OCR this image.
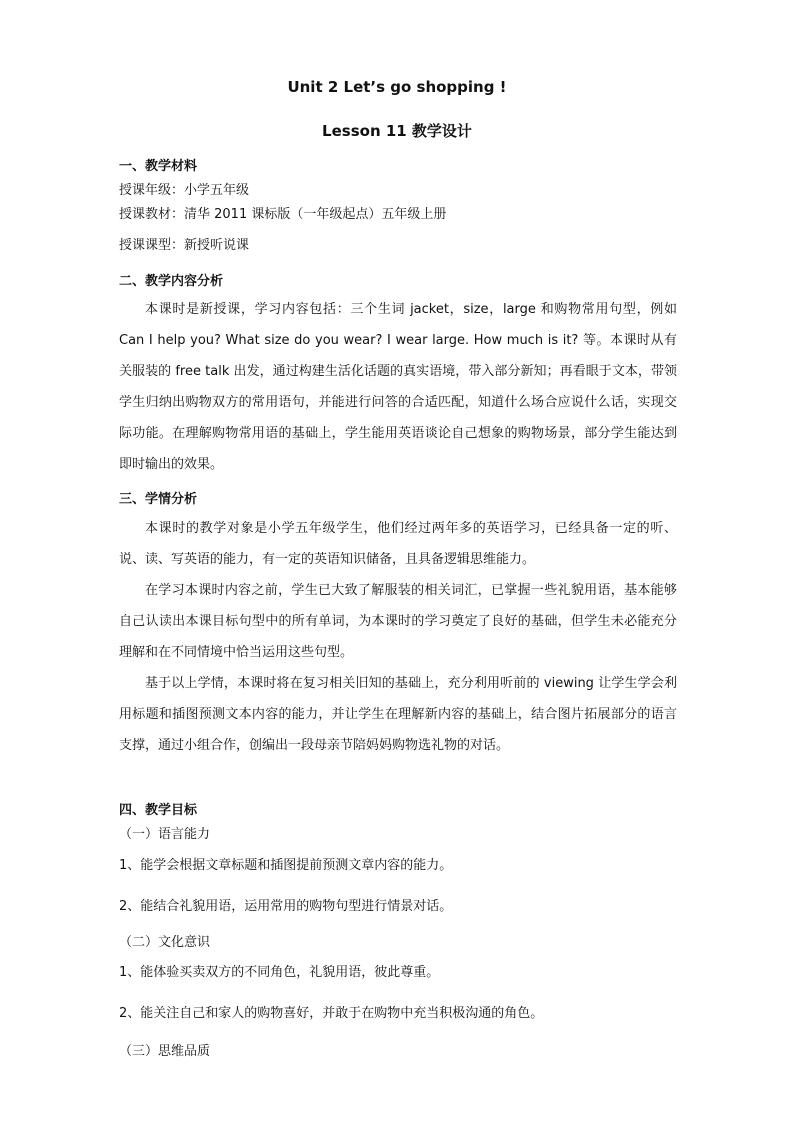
Unit 2 Let’s go shopping !
Lesson 11 教学设计
一、教学材料
授课年级：小学五年级
授课教材：清华 2011 课标版（一年级起点）五年级上册
授课课型：新授听说课
二、教学内容分析

本课时是新授课，学习内容包括：三个生词 jacket，size，large 和购物常用句型，例如 Can I help you? What size do you wear? I wear large. How much is it? 等。本课时从有关服装的 free talk 出发，通过构建生活化话题的真实语境，带入部分新知；再看眼于文本，带领学生归纳出购物双方的常用语句，并能进行问答的合适匹配，知道什么场合应说什么话，实现交际功能。在理解购物常用语的基础上，学生能用英语谈论自己想象的购物场景，部分学生能达到即时输出的效果。

三、学情分析

本课时的教学对象是小学五年级学生，他们经过两年多的英语学习，已经具备一定的听、说、读、写英语的能力，有一定的英语知识储备，且具备逻辑思维能力。

在学习本课时内容之前，学生已大致了解服装的相关词汇，已掌握一些礼貌用语，基本能够自己认读出本课目标句型中的所有单词，为本课时的学习奠定了良好的基础，但学生未必能充分理解和在不同情境中恰当运用这些句型。

基于以上学情，本课时将在复习相关旧知的基础上，充分利用听前的 viewing 让学生学会利用标题和插图预测文本内容的能力，并让学生在理解新内容的基础上，结合图片拓展部分的语言支撑，通过小组合作，创编出一段母亲节陪妈妈购物选礼物的对话。

四、教学目标
（一）语言能力
1、能学会根据文章标题和插图提前预测文章内容的能力。
2、能结合礼貌用语，运用常用的购物句型进行情景对话。
（二）文化意识
1、能体验买卖双方的不同角色，礼貌用语，彼此尊重。
2、能关注自己和家人的购物喜好，并敢于在购物中充当积极沟通的角色。
（三）思维品质
